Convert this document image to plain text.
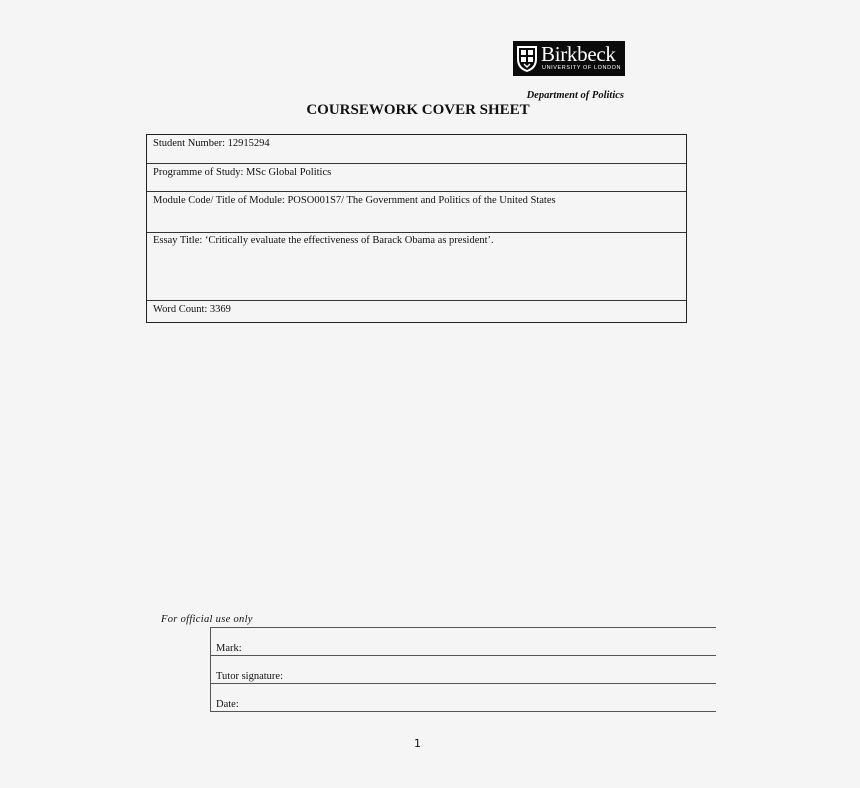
Birkbeck
UNIVERSITY OF LONDON
Department of Politics
COURSEWORK COVER SHEET
Student Number: 12915294
Programme of Study: MSc Global Politics
Module Code/ Title of Module: POSO001S7/ The Government and Politics of the United States
Essay Title: ‘Critically evaluate the effectiveness of Barack Obama as president’.
Word Count: 3369
For official use only
Mark:
Tutor signature:
Date:
1
